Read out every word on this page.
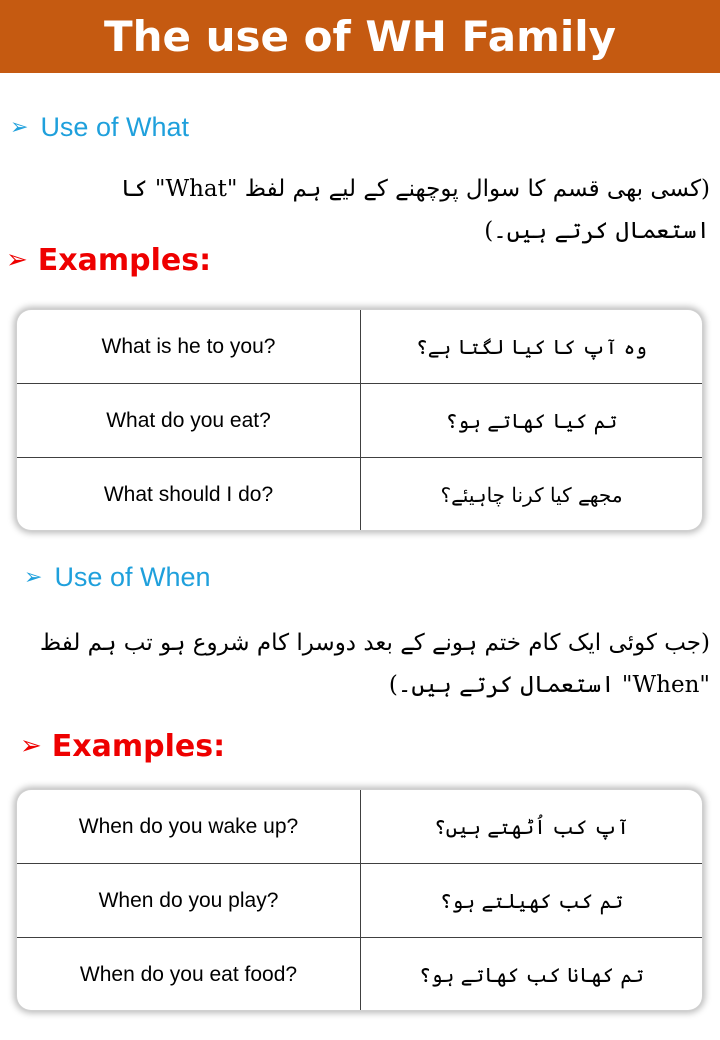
The use of WH Family
➢ Use of What
(کسی بھی قسم کا سوال پوچھنے کے لیے ہم لفظ "What" کا استعمال کرتے ہیں۔)
➢ Examples:
What is he to you?	وہ آپ کا کیا لگتا ہے؟
What do you eat?	تم کیا کھاتے ہو؟
What should I do?	مجھے کیا کرنا چاہیئے؟
➢ Use of When
(جب کوئی ایک کام ختم ہونے کے بعد دوسرا کام شروع ہو تب ہم لفظ "When" استعمال کرتے ہیں۔)
➢ Examples:
When do you wake up?	آپ کب اُٹھتے ہیں؟
When do you play?	تم کب کھیلتے ہو؟
When do you eat food?	تم کھانا کب کھاتے ہو؟
